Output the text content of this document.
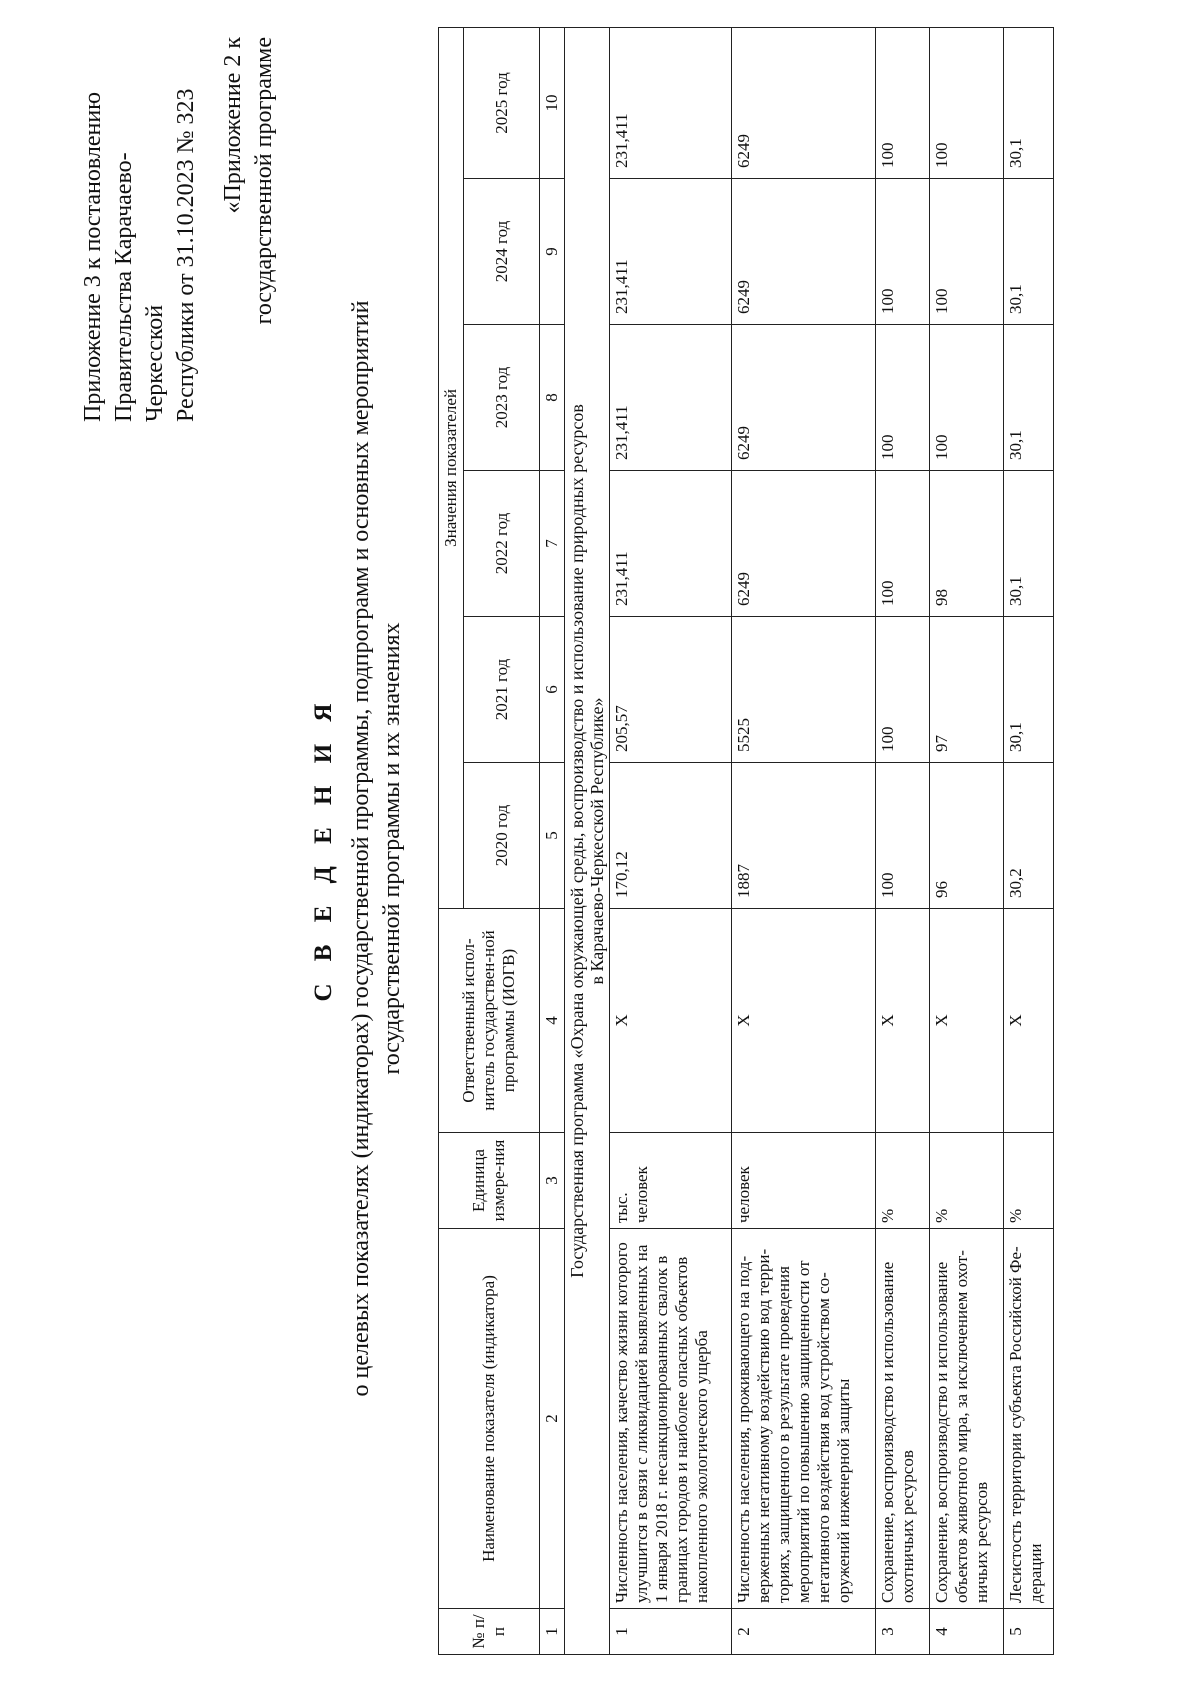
Приложение 3 к постановлению Правительства Карачаево-Черкесской Республики от 31.10.2023 № 323 «Приложение 2 к государственной программе
С В Е Д Е Н И Я о целевых показателях (индикаторах) государственной программы, подпрограмм и основных мероприятий государственной программы и их значениях
№ п/п	Наименование показателя (индикатора)	Единица измере-ния	Ответственный испол-нитель государствен-ной программы (ИОГВ)	Значения показателей					
				2020 год	2021 год	2022 год	2023 год	2024 год	2025 год
1	2	3	4	5	6	7	8	9	10

Государственная программа «Охрана окружающей среды, воспроизводство и использование природных ресурсов в Карачаево-Черкесской Республике»									

1	Численность населения, качество жизни которого улучшится в связи с ликвидацией выявленных на 1 января 2018 г. несанкционированных свалок в границах городов и наиболее опасных объектов накопленного экологического ущерба	тыс. человек	Х	170,12	205,57	231,411	231,411	231,411	231,411
2	Численность населения, проживающего на под-верженных негативному воздействию вод терри-ториях, защищенного в результате проведения мероприятий по повышению защищенности от негативного воздействия вод устройством со-оружений инженерной защиты	человек	Х	1887	5525	6249	6249	6249	6249
3	Сохранение, воспроизводство и использование охотничьих ресурсов	%	Х	100	100	100	100	100	100
4	Сохранение, воспроизводство и использование объектов животного мира, за исключением охот-ничьих ресурсов	%	Х	96	97	98	100	100	100
5	Лесистость территории субъекта Российской Фе-дерации	%	Х	30,2	30,1	30,1	30,1	30,1	30,1
